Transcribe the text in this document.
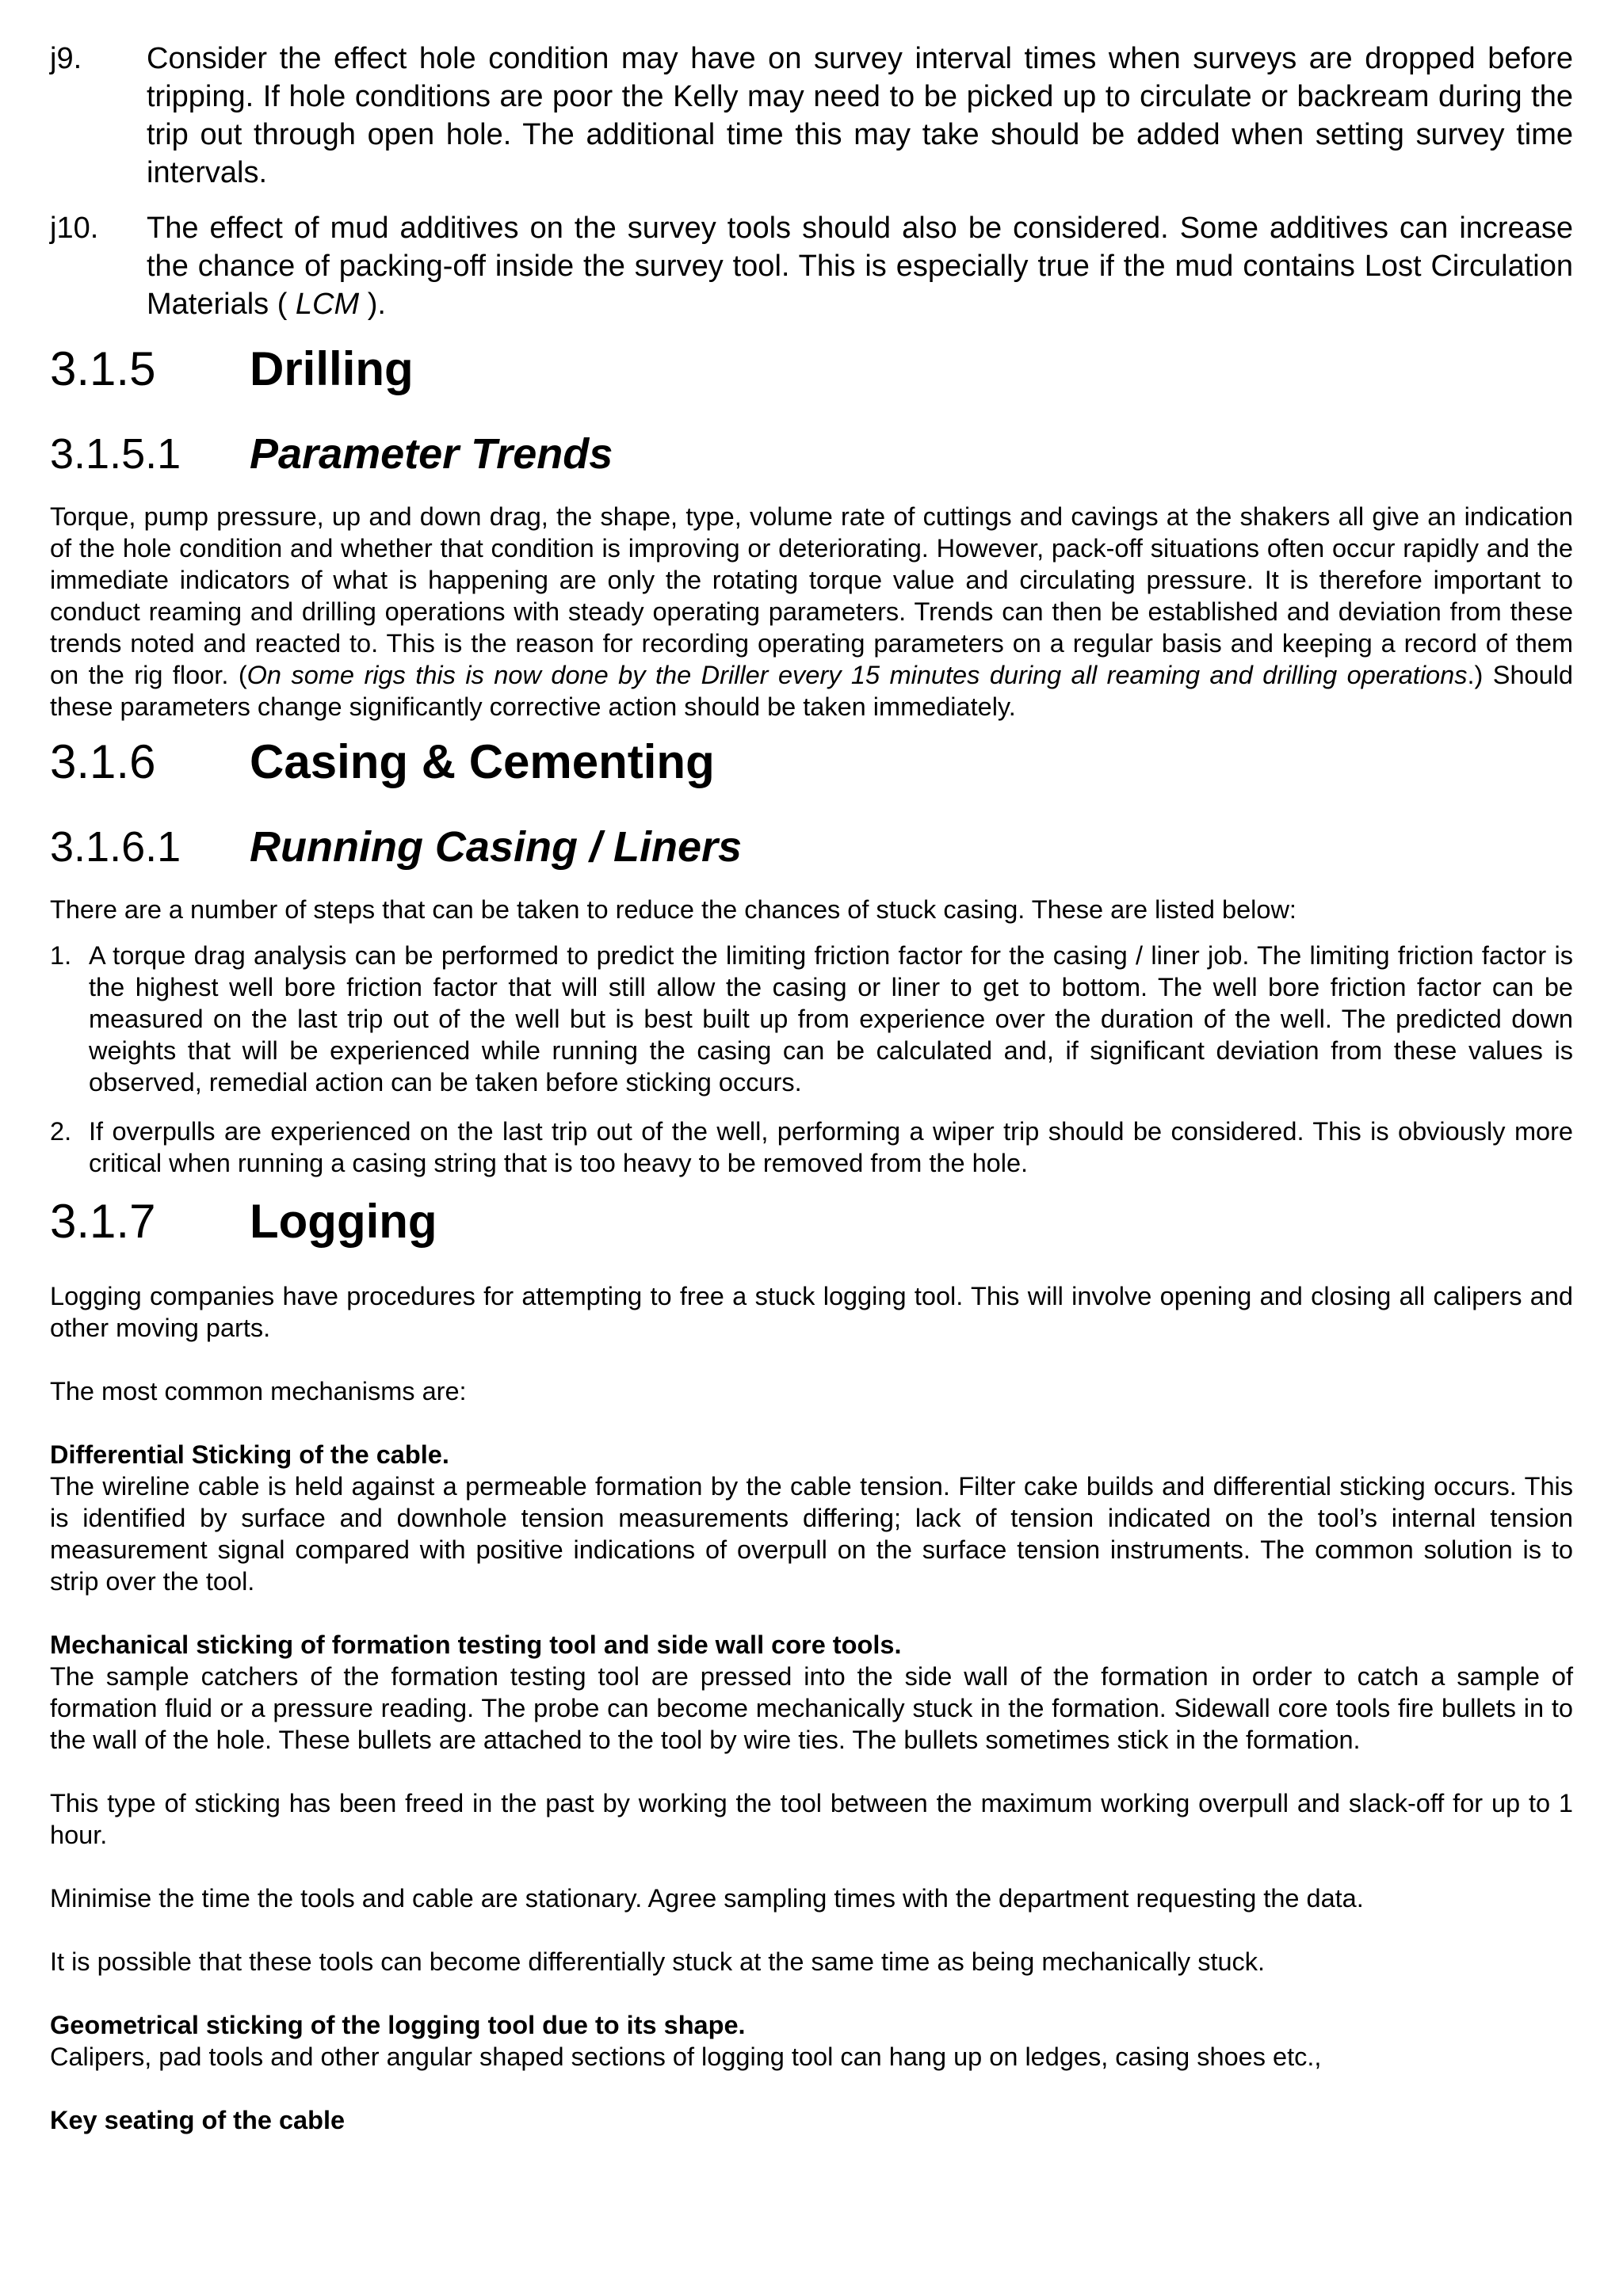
j9. Consider the effect hole condition may have on survey interval times when surveys are dropped before tripping. If hole conditions are poor the Kelly may need to be picked up to circulate or backream during the trip out through open hole. The additional time this may take should be added when setting survey time intervals.
j10. The effect of mud additives on the survey tools should also be considered. Some additives can increase the chance of packing-off inside the survey tool. This is especially true if the mud contains Lost Circulation Materials ( LCM ).
3.1.5	Drilling
3.1.5.1	Parameter Trends

Torque, pump pressure, up and down drag, the shape, type, volume rate of cuttings and cavings at the shakers all give an indication of the hole condition and whether that condition is improving or deteriorating. However, pack-off situations often occur rapidly and the immediate indicators of what is happening are only the rotating torque value and circulating pressure. It is therefore important to conduct reaming and drilling operations with steady operating parameters. Trends can then be established and deviation from these trends noted and reacted to. This is the reason for recording operating parameters on a regular basis and keeping a record of them on the rig floor. (On some rigs this is now done by the Driller every 15 minutes during all reaming and drilling operations.) Should these parameters change significantly corrective action should be taken immediately.

3.1.6	Casing & Cementing
3.1.6.1	Running Casing / Liners

There are a number of steps that can be taken to reduce the chances of stuck casing. These are listed below:

1. A torque drag analysis can be performed to predict the limiting friction factor for the casing / liner job. The limiting friction factor is the highest well bore friction factor that will still allow the casing or liner to get to bottom. The well bore friction factor can be measured on the last trip out of the well but is best built up from experience over the duration of the well. The predicted down weights that will be experienced while running the casing can be calculated and, if significant deviation from these values is observed, remedial action can be taken before sticking occurs.
2. If overpulls are experienced on the last trip out of the well, performing a wiper trip should be considered. This is obviously more critical when running a casing string that is too heavy to be removed from the hole.
3.1.7	Logging

Logging companies have procedures for attempting to free a stuck logging tool. This will involve opening and closing all calipers and other moving parts.

The most common mechanisms are:

Differential Sticking of the cable.

The wireline cable is held against a permeable formation by the cable tension. Filter cake builds and differential sticking occurs. This is identified by surface and downhole tension measurements differing; lack of tension indicated on the tool’s internal tension measurement signal compared with positive indications of overpull on the surface tension instruments. The common solution is to strip over the tool.

Mechanical sticking of formation testing tool and side wall core tools.

The sample catchers of the formation testing tool are pressed into the side wall of the formation in order to catch a sample of formation fluid or a pressure reading. The probe can become mechanically stuck in the formation. Sidewall core tools fire bullets in to the wall of the hole. These bullets are attached to the tool by wire ties. The bullets sometimes stick in the formation.

This type of sticking has been freed in the past by working the tool between the maximum working overpull and slack-off for up to 1 hour.

Minimise the time the tools and cable are stationary. Agree sampling times with the department requesting the data.

It is possible that these tools can become differentially stuck at the same time as being mechanically stuck.

Geometrical sticking of the logging tool due to its shape.

Calipers, pad tools and other angular shaped sections of logging tool can hang up on ledges, casing shoes etc.,

Key seating of the cable
